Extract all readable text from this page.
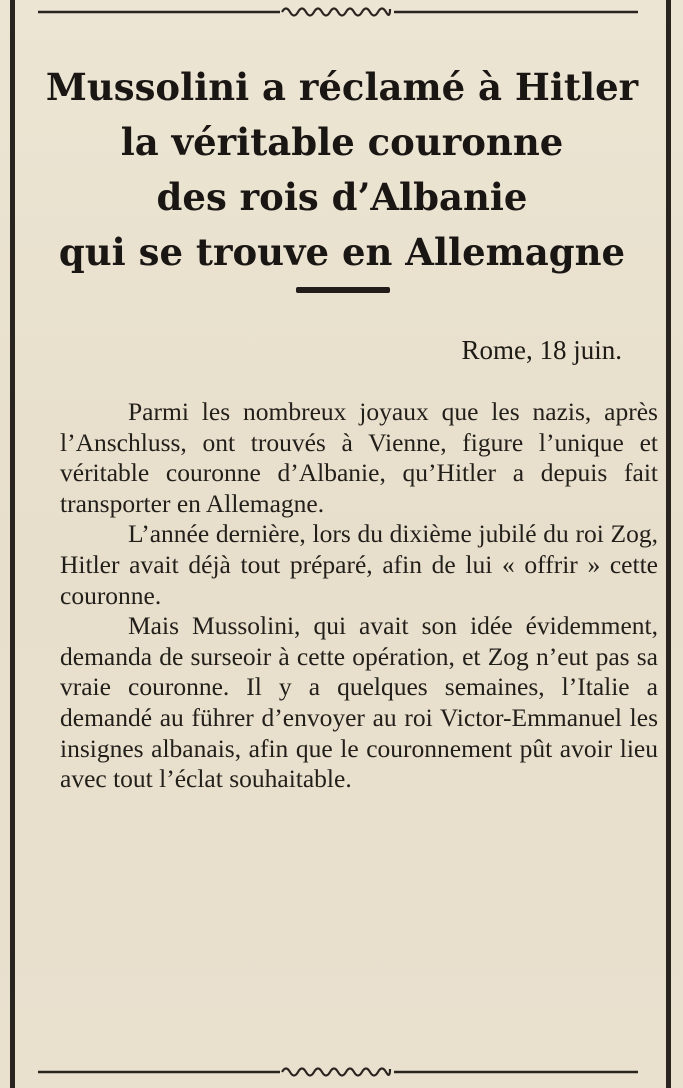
Mussolini a réclamé à Hitler
la véritable couronne
des rois d’Albanie
qui se trouve en Allemagne

Rome, 18 juin.

Parmi les nombreux joyaux que les nazis, après l’Anschluss, ont trouvés à Vienne, figure l’unique et véritable couronne d’Albanie, qu’Hitler a depuis fait transporter en Allemagne.

L’année dernière, lors du dixième jubilé du roi Zog, Hitler avait déjà tout préparé, afin de lui « offrir » cette couronne.

Mais Mussolini, qui avait son idée évidemment, demanda de surseoir à cette opération, et Zog n’eut pas sa vraie couronne. Il y a quelques semaines, l’Italie a demandé au führer d’envoyer au roi Victor-Emmanuel les insignes albanais, afin que le couronnement pût avoir lieu avec tout l’éclat souhaitable.
